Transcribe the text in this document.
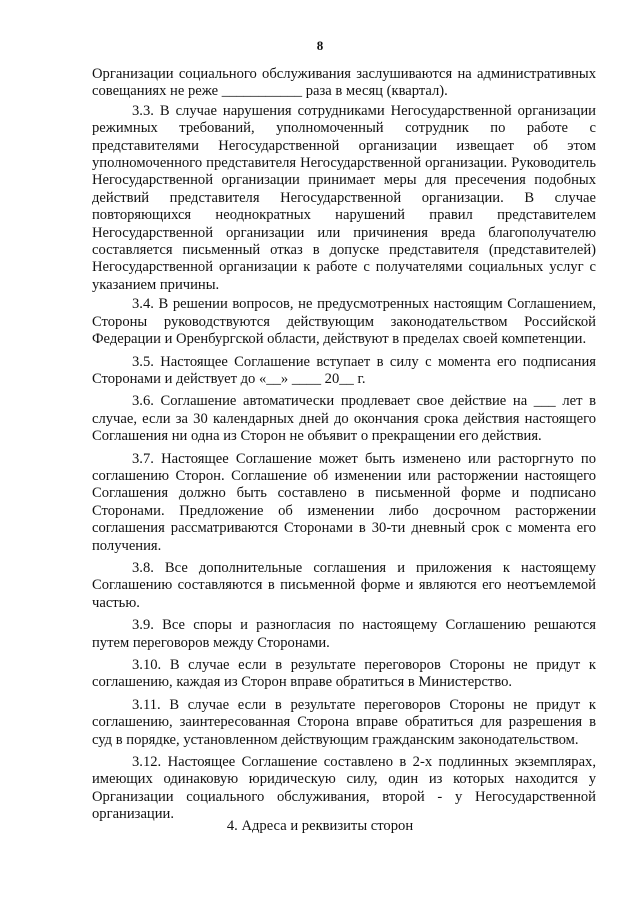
8

Организации социального обслуживания заслушиваются на административных совещаниях не реже ___________ раза в месяц (квартал).

3.3. В случае нарушения сотрудниками Негосударственной организации режимных требований, уполномоченный сотрудник по работе с представителями Негосударственной организации извещает об этом уполномоченного представителя Негосударственной организации. Руководитель Негосударственной организации принимает меры для пресечения подобных действий представителя Негосударственной организации. В случае повторяющихся неоднократных нарушений правил представителем Негосударственной организации или причинения вреда благополучателю составляется письменный отказ в допуске представителя (представителей) Негосударственной организации к работе с получателями социальных услуг с указанием причины.

3.4. В решении вопросов, не предусмотренных настоящим Соглашением, Стороны руководствуются действующим законодательством Российской Федерации и Оренбургской области, действуют в пределах своей компетенции.

3.5. Настоящее Соглашение вступает в силу с момента его подписания Сторонами и действует до «__» ____ 20__ г.

3.6. Соглашение автоматически продлевает свое действие на ___ лет в случае, если за 30 календарных дней до окончания срока действия настоящего Соглашения ни одна из Сторон не объявит о прекращении его действия.

3.7. Настоящее Соглашение может быть изменено или расторгнуто по соглашению Сторон. Соглашение об изменении или расторжении настоящего Соглашения должно быть составлено в письменной форме и подписано Сторонами. Предложение об изменении либо досрочном расторжении соглашения рассматриваются Сторонами в 30-ти дневный срок с момента его получения.

3.8. Все дополнительные соглашения и приложения к настоящему Соглашению составляются в письменной форме и являются его неотъемлемой частью.

3.9. Все споры и разногласия по настоящему Соглашению решаются путем переговоров между Сторонами.

3.10. В случае если в результате переговоров Стороны не придут к соглашению, каждая из Сторон вправе обратиться в Министерство.

3.11. В случае если в результате переговоров Стороны не придут к соглашению, заинтересованная Сторона вправе обратиться для разрешения в суд в порядке, установленном действующим гражданским законодательством.

3.12. Настоящее Соглашение составлено в 2-х подлинных экземплярах, имеющих одинаковую юридическую силу, один из которых находится у Организации социального обслуживания, второй - у Негосударственной организации.

4. Адреса и реквизиты сторон
